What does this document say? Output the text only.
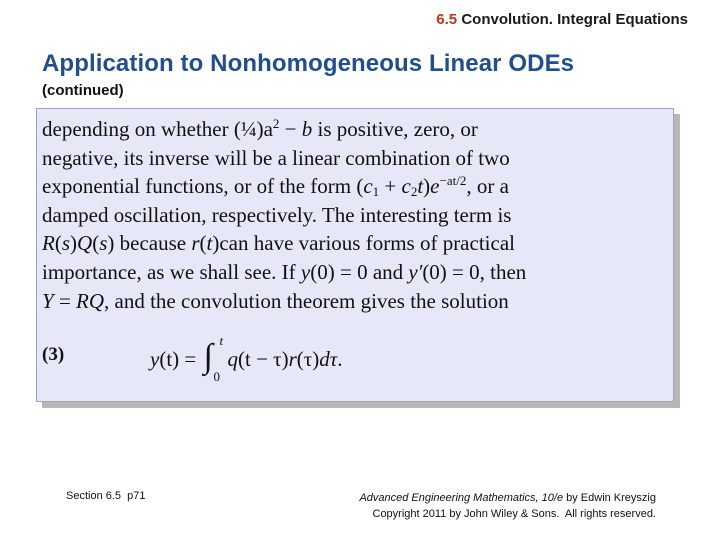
6.5 Convolution. Integral Equations
Application to Nonhomogeneous Linear ODEs
(continued)
depending on whether $(\frac{1}{4})a^2 - b$ is positive, zero, or
negative, its inverse will be a linear combination of two
exponential functions, or of the form $(c_1 + c_2t)e^{-at/2}$, or a
damped oscillation, respectively. The interesting term is
R(s)Q(s) because r(t)can have various forms of practical
importance, as we shall see. If y(0) = 0 and y′(0) = 0, then
Y = RQ, and the convolution theorem gives the solution
(3)	y (t) = ∫ t
0
q (t − τ) r (τ) dτ .
Section 6.5  p71	Advanced Engineering Mathematics, 10/e by Edwin Kreyszig
Copyright 2011 by John Wiley & Sons.  All rights reserved.
